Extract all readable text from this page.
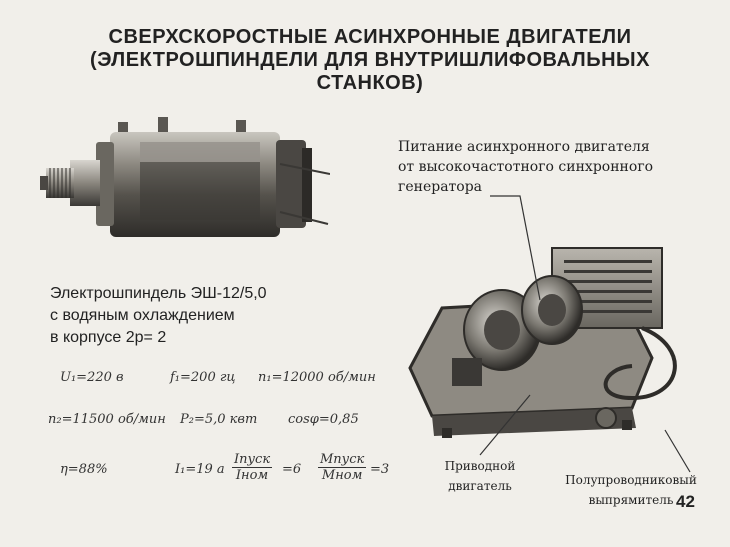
СВЕРХСКОРОСТНЫЕ АСИНХРОННЫЕ ДВИГАТЕЛИ
(ЭЛЕКТРОШПИНДЕЛИ ДЛЯ ВНУТРИШЛИФОВАЛЬНЫХ
СТАНКОВ)
Питание асинхронного двигателя
от высокочастотного синхронного
генератора
Электрошпиндель ЭШ-12/5,0
с водяным охлаждением
в корпусе 2р= 2
U₁=220 в	f₁=200 гц n₁=12000 об/мин
n₂=11500 об/мин P₂=5,0 квт cosφ=0,85
η=88%	I₁=19 а
Iпуск
Iном =6
Mпуск
Mном =3	Приводной
двигатель	Полупроводниковый
выпрямитель 42
